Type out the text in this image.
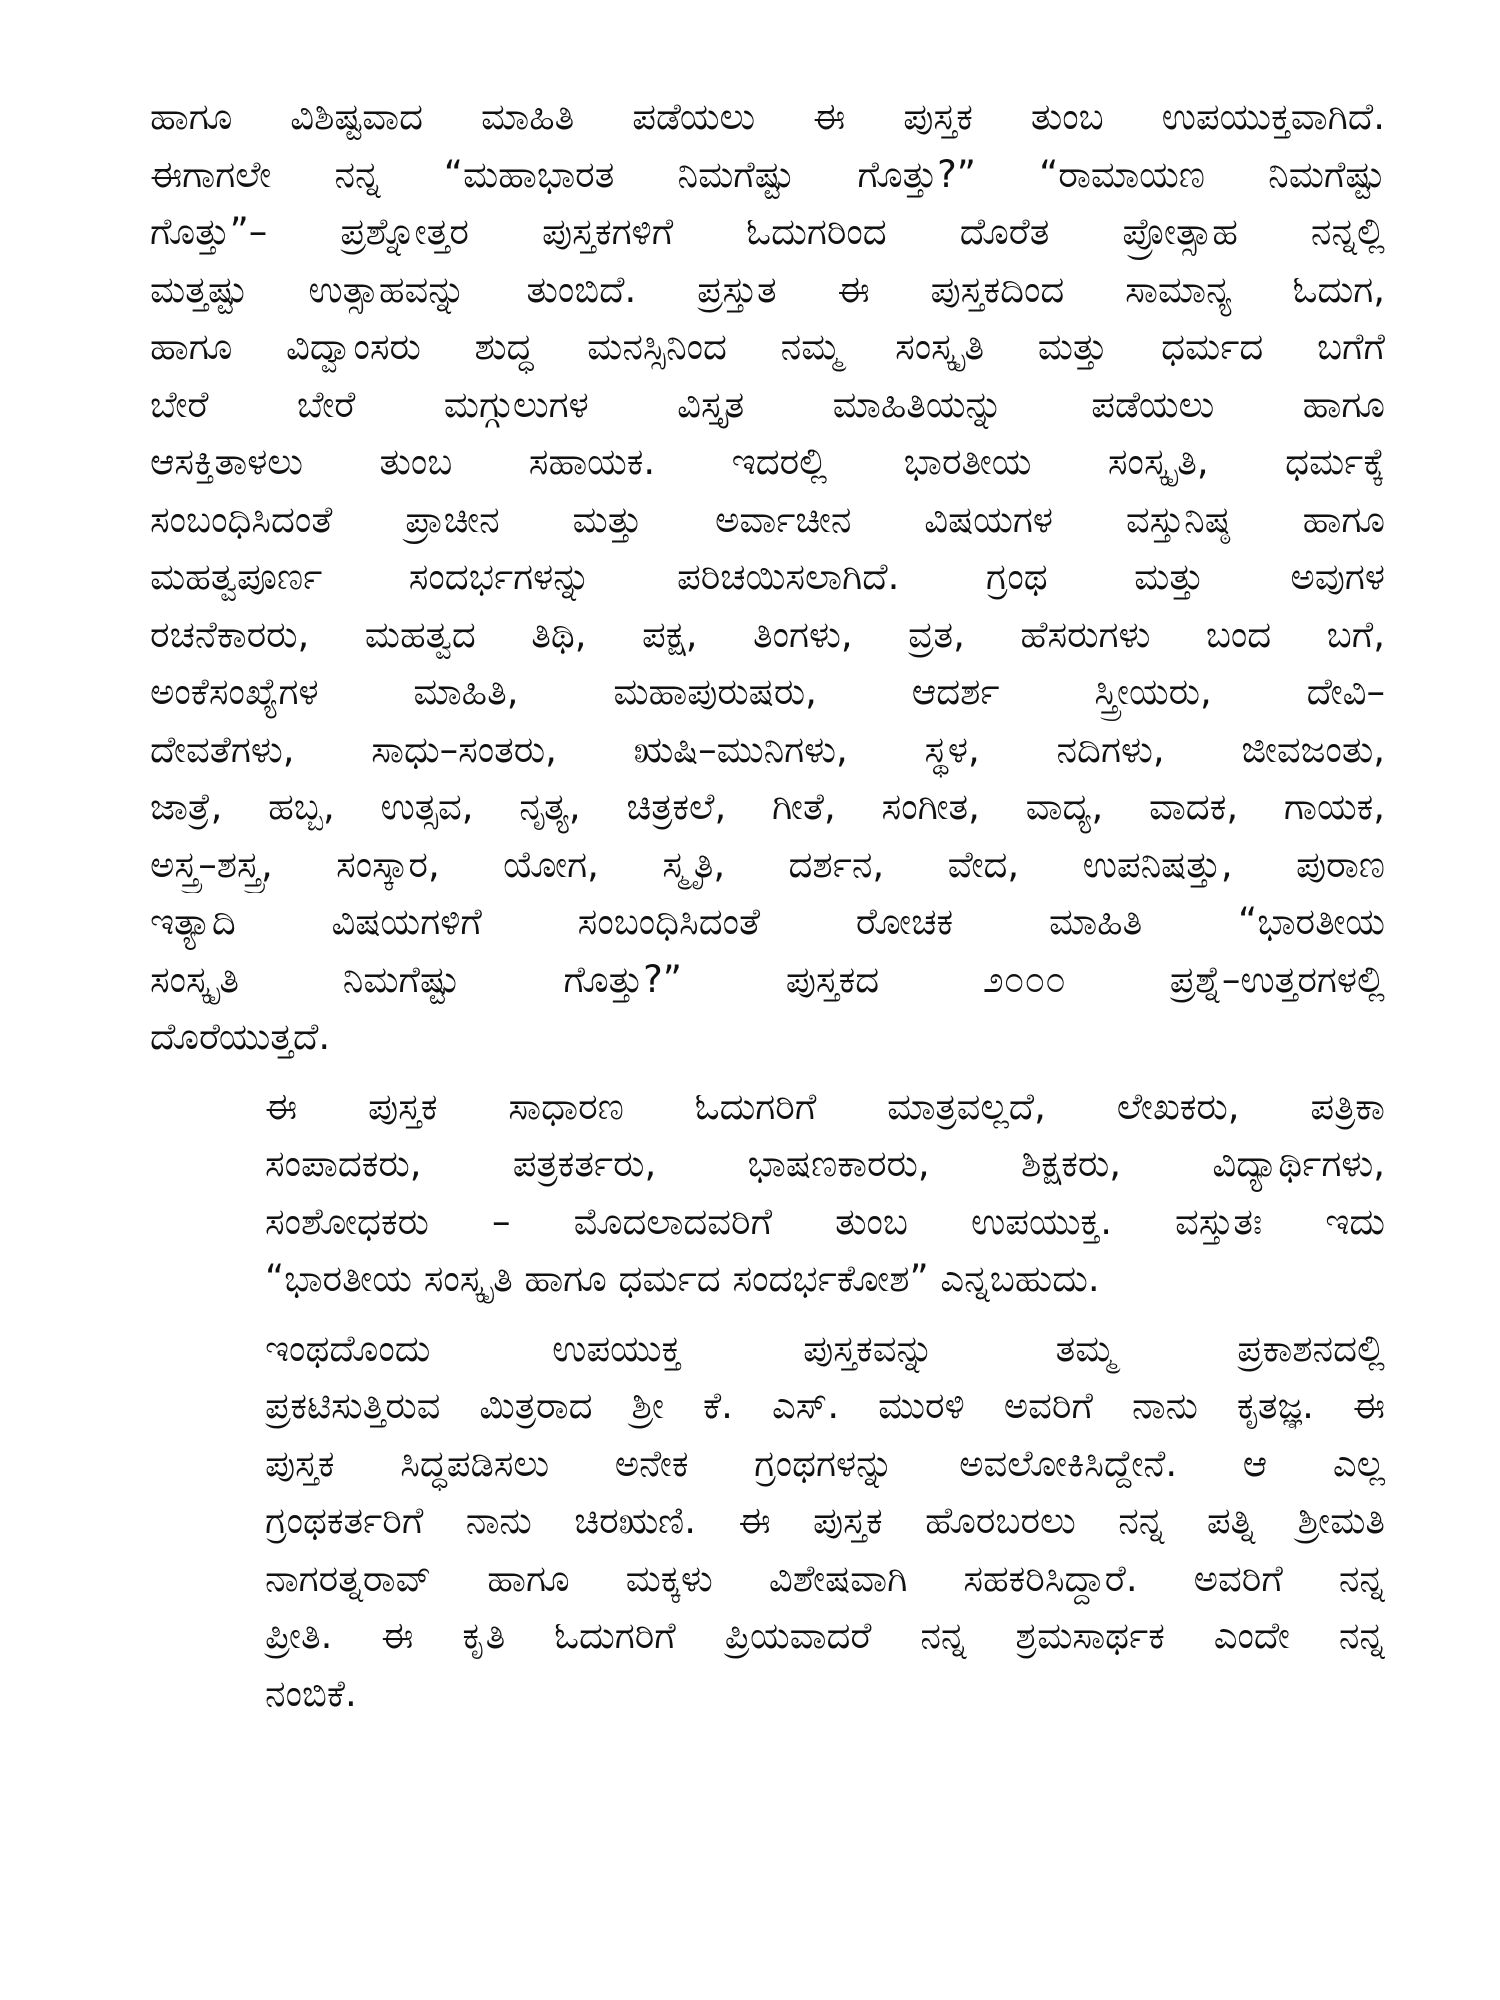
ಹಾಗೂ ವಿಶಿಷ್ಟವಾದ ಮಾಹಿತಿ ಪಡೆಯಲು ಈ ಪುಸ್ತಕ ತುಂಬ ಉಪಯುಕ್ತವಾಗಿದೆ.
ಈಗಾಗಲೇ ನನ್ನ “ಮಹಾಭಾರತ ನಿಮಗೆಷ್ಟು ಗೊತ್ತು?” “ರಾಮಾಯಣ ನಿಮಗೆಷ್ಟು
ಗೊತ್ತು”– ಪ್ರಶ್ನೋತ್ತರ ಪುಸ್ತಕಗಳಿಗೆ ಓದುಗರಿಂದ ದೊರೆತ ಪ್ರೋತ್ಸಾಹ ನನ್ನಲ್ಲಿ
ಮತ್ತಷ್ಟು ಉತ್ಸಾಹವನ್ನು ತುಂಬಿದೆ. ಪ್ರಸ್ತುತ ಈ ಪುಸ್ತಕದಿಂದ ಸಾಮಾನ್ಯ ಓದುಗ,
ಹಾಗೂ ವಿದ್ವಾಂಸರು ಶುದ್ಧ ಮನಸ್ಸಿನಿಂದ ನಮ್ಮ ಸಂಸ್ಕೃತಿ ಮತ್ತು ಧರ್ಮದ ಬಗೆಗೆ
ಬೇರೆ ಬೇರೆ ಮಗ್ಗುಲುಗಳ ವಿಸ್ತೃತ ಮಾಹಿತಿಯನ್ನು ಪಡೆಯಲು ಹಾಗೂ
ಆಸಕ್ತಿತಾಳಲು ತುಂಬ ಸಹಾಯಕ. ಇದರಲ್ಲಿ ಭಾರತೀಯ ಸಂಸ್ಕೃತಿ, ಧರ್ಮಕ್ಕೆ
ಸಂಬಂಧಿಸಿದಂತೆ ಪ್ರಾಚೀನ ಮತ್ತು ಅರ್ವಾಚೀನ ವಿಷಯಗಳ ವಸ್ತುನಿಷ್ಠ ಹಾಗೂ
ಮಹತ್ವಪೂರ್ಣ ಸಂದರ್ಭಗಳನ್ನು ಪರಿಚಯಿಸಲಾಗಿದೆ. ಗ್ರಂಥ ಮತ್ತು ಅವುಗಳ
ರಚನೆಕಾರರು, ಮಹತ್ವದ ತಿಥಿ, ಪಕ್ಷ, ತಿಂಗಳು, ವ್ರತ, ಹೆಸರುಗಳು ಬಂದ ಬಗೆ,
ಅಂಕೆಸಂಖ್ಯೆಗಳ ಮಾಹಿತಿ, ಮಹಾಪುರುಷರು, ಆದರ್ಶ ಸ್ತ್ರೀಯರು, ದೇವಿ–
ದೇವತೆಗಳು, ಸಾಧು–ಸಂತರು, ಋಷಿ–ಮುನಿಗಳು, ಸ್ಥಳ, ನದಿಗಳು, ಜೀವಜಂತು,
ಜಾತ್ರೆ, ಹಬ್ಬ, ಉತ್ಸವ, ನೃತ್ಯ, ಚಿತ್ರಕಲೆ, ಗೀತೆ, ಸಂಗೀತ, ವಾದ್ಯ, ವಾದಕ, ಗಾಯಕ,
ಅಸ್ತ್ರ–ಶಸ್ತ್ರ, ಸಂಸ್ಕಾರ, ಯೋಗ, ಸ್ಮೃತಿ, ದರ್ಶನ, ವೇದ, ಉಪನಿಷತ್ತು, ಪುರಾಣ
ಇತ್ಯಾದಿ ವಿಷಯಗಳಿಗೆ ಸಂಬಂಧಿಸಿದಂತೆ ರೋಚಕ ಮಾಹಿತಿ “ಭಾರತೀಯ
ಸಂಸ್ಕೃತಿ ನಿಮಗೆಷ್ಟು ಗೊತ್ತು?” ಪುಸ್ತಕದ ೨೦೦೦ ಪ್ರಶ್ನೆ–ಉತ್ತರಗಳಲ್ಲಿ
ದೊರೆಯುತ್ತದೆ.
ಈ ಪುಸ್ತಕ ಸಾಧಾರಣ ಓದುಗರಿಗೆ ಮಾತ್ರವಲ್ಲದೆ, ಲೇಖಕರು, ಪತ್ರಿಕಾ
ಸಂಪಾದಕರು, ಪತ್ರಕರ್ತರು, ಭಾಷಣಕಾರರು, ಶಿಕ್ಷಕರು, ವಿದ್ಯಾರ್ಥಿಗಳು,
ಸಂಶೋಧಕರು – ಮೊದಲಾದವರಿಗೆ ತುಂಬ ಉಪಯುಕ್ತ. ವಸ್ತುತಃ ಇದು
“ಭಾರತೀಯ ಸಂಸ್ಕೃತಿ ಹಾಗೂ ಧರ್ಮದ ಸಂದರ್ಭಕೋಶ” ಎನ್ನಬಹುದು.
ಇಂಥದೊಂದು ಉಪಯುಕ್ತ ಪುಸ್ತಕವನ್ನು ತಮ್ಮ ಪ್ರಕಾಶನದಲ್ಲಿ
ಪ್ರಕಟಿಸುತ್ತಿರುವ ಮಿತ್ರರಾದ ಶ್ರೀ ಕೆ. ಎಸ್. ಮುರಳಿ ಅವರಿಗೆ ನಾನು ಕೃತಜ್ಞ. ಈ
ಪುಸ್ತಕ ಸಿದ್ಧಪಡಿಸಲು ಅನೇಕ ಗ್ರಂಥಗಳನ್ನು ಅವಲೋಕಿಸಿದ್ದೇನೆ. ಆ ಎಲ್ಲ
ಗ್ರಂಥಕರ್ತರಿಗೆ ನಾನು ಚಿರಋಣಿ. ಈ ಪುಸ್ತಕ ಹೊರಬರಲು ನನ್ನ ಪತ್ನಿ ಶ್ರೀಮತಿ
ನಾಗರತ್ನರಾವ್ ಹಾಗೂ ಮಕ್ಕಳು ವಿಶೇಷವಾಗಿ ಸಹಕರಿಸಿದ್ದಾರೆ. ಅವರಿಗೆ ನನ್ನ
ಪ್ರೀತಿ. ಈ ಕೃತಿ ಓದುಗರಿಗೆ ಪ್ರಿಯವಾದರೆ ನನ್ನ ಶ್ರಮಸಾರ್ಥಕ ಎಂದೇ ನನ್ನ
ನಂಬಿಕೆ.
